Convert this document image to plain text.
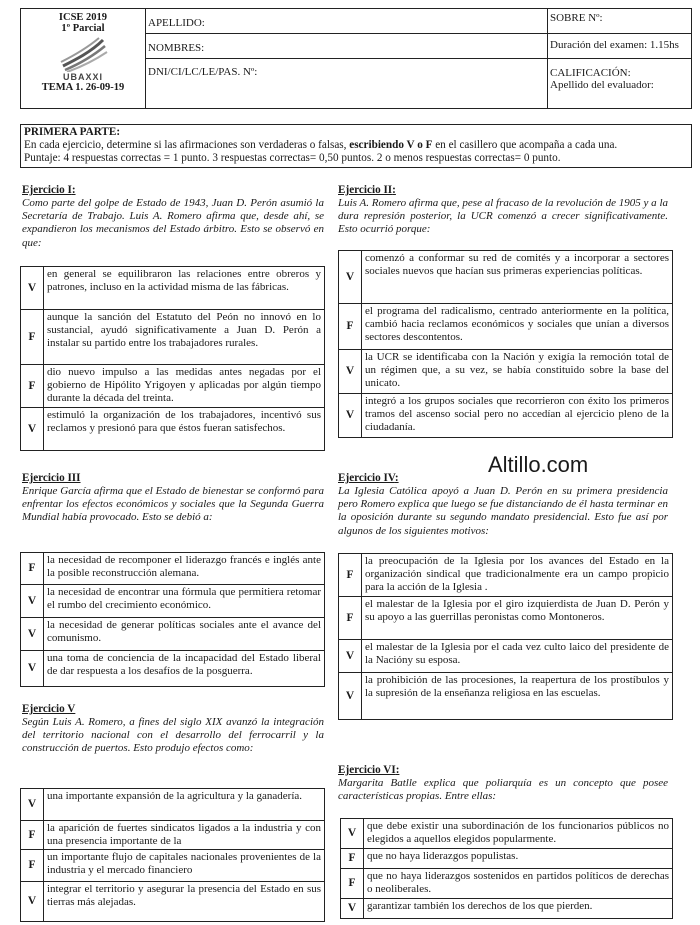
ICSE 2019
1º Parcial
UBAXXI
TEMA 1. 26-09-19
APELLIDO:
NOMBRES:
DNI/CI/LC/LE/PAS. Nº:
SOBRE Nº:
Duración del examen: 1.15hs
CALIFICACIÓN:
Apellido del evaluador:
PRIMERA PARTE:
En cada ejercicio, determine si las afirmaciones son verdaderas o falsas, escribiendo V o F en el casillero que acompaña a cada una.
Puntaje: 4 respuestas correctas = 1 punto. 3 respuestas correctas= 0,50 puntos. 2 o menos respuestas correctas= 0 punto.
Ejercicio I:
Como parte del golpe de Estado de 1943, Juan D. Perón asumió la Secretaría de Trabajo. Luis A. Romero afirma que, desde ahí, se expandieron los mecanismos del Estado árbitro. Esto se observó en que:
V	en general se equilibraron las relaciones entre obreros y patrones, incluso en la actividad misma de las fábricas.
F	aunque la sanción del Estatuto del Peón no innovó en lo sustancial, ayudó significativamente a Juan D. Perón a instalar su partido entre los trabajadores rurales.
F	dio nuevo impulso a las medidas antes negadas por el gobierno de Hipólito Yrigoyen y aplicadas por algún tiempo durante la década del treinta.
V	estimuló la organización de los trabajadores, incentivó sus reclamos y presionó para que éstos fueran satisfechos.
Ejercicio II:
Luis A. Romero afirma que, pese al fracaso de la revolución de 1905 y a la dura represión posterior, la UCR comenzó a crecer significativamente. Esto ocurrió porque:
V	comenzó a conformar su red de comités y a incorporar a sectores sociales nuevos que hacían sus primeras experiencias políticas.
F	el programa del radicalismo, centrado anteriormente en la política, cambió hacia reclamos económicos y sociales que unían a diversos sectores descontentos.
V	la UCR se identificaba con la Nación y exigía la remoción total de un régimen que, a su vez, se había constituido sobre la base del unicato.
V	integró a los grupos sociales que recorrieron con éxito los primeros tramos del ascenso social pero no accedían al ejercicio pleno de la ciudadanía.
Altillo.com
Ejercicio III
Enrique García afirma que el Estado de bienestar se conformó para enfrentar los efectos económicos y sociales que la Segunda Guerra Mundial había provocado. Esto se debió a:
F	la necesidad de recomponer el liderazgo francés e inglés ante la posible reconstrucción alemana.
V	la necesidad de encontrar una fórmula que permitiera retomar el rumbo del crecimiento económico.
V	la necesidad de generar políticas sociales ante el avance del comunismo.
V	una toma de conciencia de la incapacidad del Estado liberal de dar respuesta a los desafíos de la posguerra.
Ejercicio IV:
La Iglesia Católica apoyó a Juan D. Perón en su primera presidencia pero Romero explica que luego se fue distanciando de él hasta terminar en la oposición durante su segundo mandato presidencial. Esto fue así por algunos de los siguientes motivos:
F	la preocupación de la Iglesia por los avances del Estado en la organización sindical que tradicionalmente era un campo propicio para la acción de la Iglesia .
F	el malestar de la Iglesia por el giro izquierdista de Juan D. Perón y su apoyo a las guerrillas peronistas como Montoneros.
V	el malestar de la Iglesia por el cada vez culto laico del presidente de la Nacióny su esposa.
V	la prohibición de las procesiones, la reapertura de los prostíbulos y la supresión de la enseñanza religiosa en las escuelas.
Ejercicio V
Según Luis A. Romero, a fines del siglo XIX avanzó la integración del territorio nacional con el desarrollo del ferrocarril y la construcción de puertos. Esto produjo efectos como:
V	una importante expansión de la agricultura y la ganadería.
F	la aparición de fuertes sindicatos ligados a la industria y con una presencia importante de la
F	un importante flujo de capitales nacionales provenientes de la industria y el mercado financiero
V	integrar el territorio y asegurar la presencia del Estado en sus tierras más alejadas.
Ejercicio VI:
Margarita Batlle explica que poliarquía es un concepto que posee características propias. Entre ellas:
V	que debe existir una subordinación de los funcionarios públicos no elegidos a aquellos elegidos popularmente.
F	que no haya liderazgos populistas.
F	que no haya liderazgos sostenidos en partidos políticos de derechas o neoliberales.
V	garantizar también los derechos de los que pierden.
